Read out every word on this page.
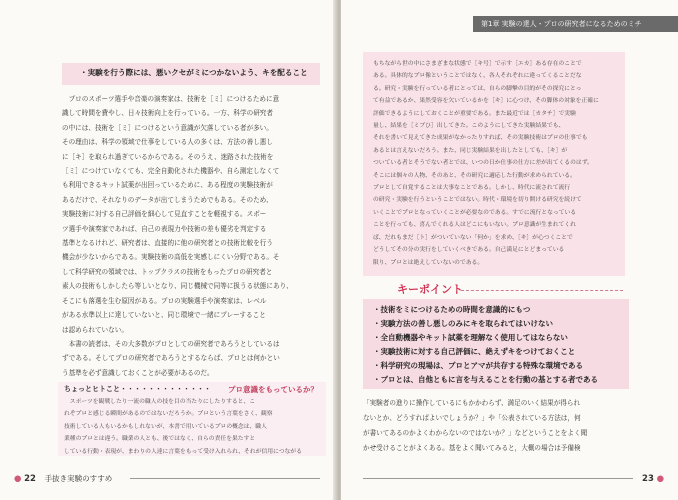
・実験を行う際には、悪いクセがミにつかないよう、キを配ること
　プロのスポーツ選手や音楽の演奏家は、技術を［ミ］につけるために意
識して時間を費やし、日々技術向上を行っている。一方、科学の研究者
の中には、技術を［ミ］につけるという意識が欠落している者が多い。
その理由は、科学の領域で仕事をしている人の多くは、方法の善し悪し
に［キ］を取られ過ぎているからである。そのうえ、迷路された技術を
［ミ］につけていなくても、完全自動化された機器や、自ら測定しなくて
も利用できるキット試薬が出回っているために、ある程度の実験技術が
あるだけで、それなりのデータが出てしまうためでもある。そのため、
実験技術に対する自己評価を細心して見直すことを軽視する。スポー
ツ選手や演奏家であれば、自己の表現力や技術の差も優劣を判定する
基準となるけれど、研究者は、直接的に他の研究者との技術比較を行う
機会が少ないからである。実験技術の高低を実感しにくい分野である。そ
して科学研究の領域では、トップクラスの技術をもったプロの研究者と
素人の技術もしかしたら等しいとなり、同じ機械で同等に扱うる状態にあり、
そこにも落選を生む原因がある。プロの実験選手や演奏家は、レベル
がある水準以上に達していないと、同じ環境で一緒にプレーすること
は認められていない。
　本書の読者は、その大多数がプロとしての研究者であろうとしているは
ずである。そしてプロの研究者であろうとするならば、プロとは何かとい
う基準を必ず意識しておくことが必要があるのだ。
ちょっとヒトこと・・・・・・・・・・・・・ プロ意識をもっているか？
　スポーツを観戦したり一流の職人の技を目の当たりにしたりすると、こ
れぞプロと感じる瞬間があるのではないだろうか。プロという言葉をさく、観察
技術している人もいるかもしれないが、本書で用いているプロの概念は、職人
業種のプロとは違う。職業の人とも、後ではなく、自らの責任を果たすと
している行動・表現が、まわりの人達に言葉をもって受け入れられ、それが信用につながる
● 22 手抜き実験のすすめ
第1章 実験の達人・プロの研究者になるためのミチ
もちながら世の中にさまざまな状態で［キ号］で示す［エカ］ある存在のことで
ある。具体的なプロ像ということではなく、各人それぞれに違ってくることだな
る。研究・実験を行っている者にとっては、自らの脚撃の目的がその探究にとっ
て有益であるか、果然受容を欠いているかを［キ］に心つけ、その脚体の対象を正確に
評価できるようにしておくことが重要である。また最近では［カタチ］で実験
量し、結果を［ミブひ］出してきた。このようにしてきた実験結果でも、
それを書いて見えてきた成果がなかったりすれば、その実験技術はプロの仕事でも
あるとは言えないだろう。また、同じ実験結果を出したとしても、［キ］が
ついている者とそうでない者とでは、いつの日か仕事の仕方に差が出てくるのはず。
そこには個々の人物、そのあと、その研究に適応した行動が求められている。
プロとして自覚することは大事なことである。しかし、時代に流されて流行
の研究・実験を行うということではない。時代・環境を切り開ける研究を続けて
いくことでプロとなっていくことが必要なのである。すでに流行となっている
ことを行っても、喜んでくれる人はどこにもいない。プロ意識が生まれてくれ
ば、だれもまだ［ト］がついていない「何か」を求め、［キ］が心つくことで
どうしてその分の実行をしていくべきである。自己満足にとどまっている
限り、プロとは絶えしていないのである。
キーポイント
・技術をミにつけるための時間を意識的にもつ
・実験方法の善し悪しのみにキを取られてはいけない
・全自動機器やキット試薬を理解なく使用してはならない
・実験技術に対する自己評価に、絶えずキをつけておくこと
・科学研究の現場は、プロとアマが共存する特殊な環境である
・プロとは、自他ともに言を与えることを行動の基とする者である
「実験者の進りに操作しているにもかかわらず、満足のいく結果が得られ
ないとか、どうすればよいでしょうか？」や「公表されている方法は，何
が書いてあるのかよくわからないのではないか？」などということをよく聞
かせ受けることがよくある。基をよく聞いてみると，大概の場合は予備検
23 ●
